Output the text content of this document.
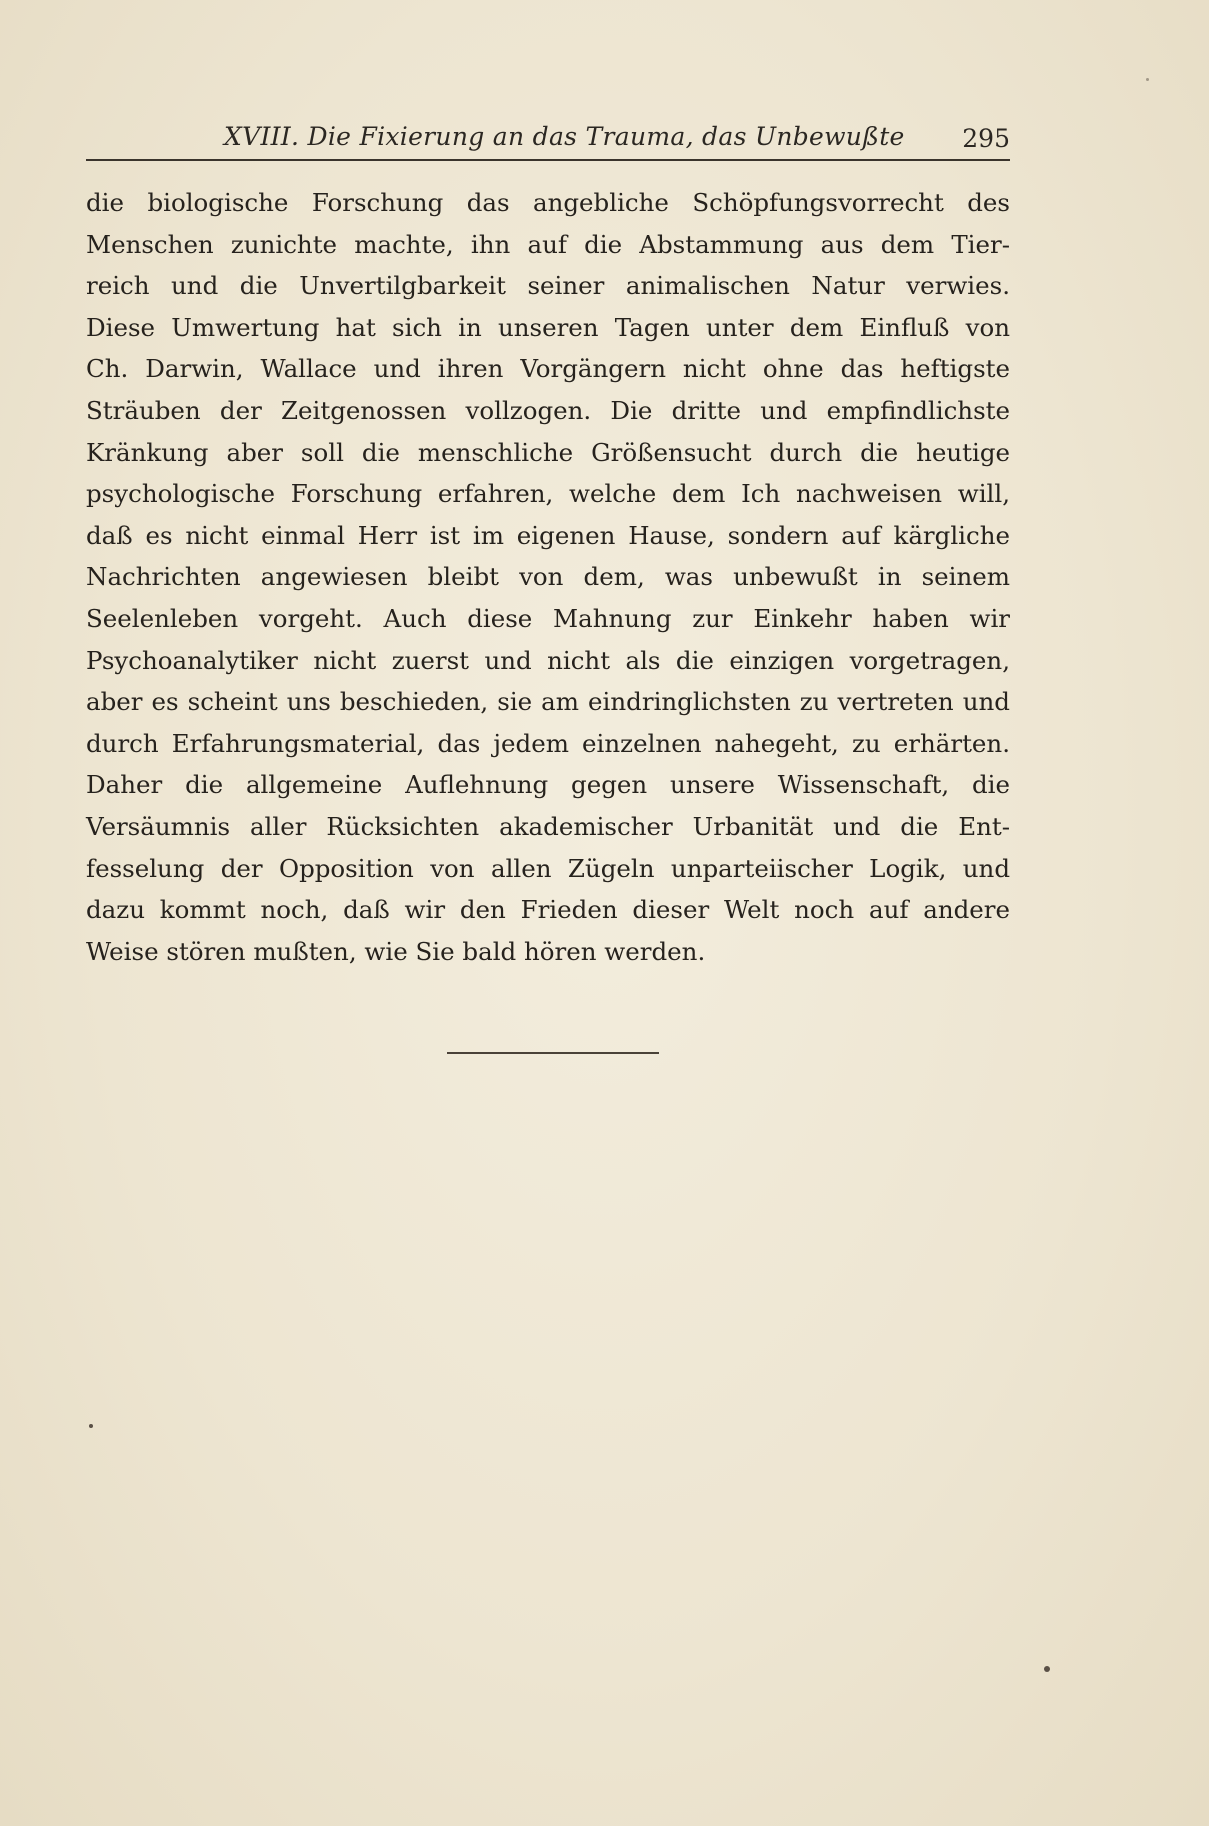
XVIII. Die Fixierung an das Trauma, das Unbewußte 295
die biologische Forschung das angebliche Schöpfungsvorrecht des
Menschen zunichte machte, ihn auf die Abstammung aus dem Tier-
reich und die Unvertilgbarkeit seiner animalischen Natur verwies.
Diese Umwertung hat sich in unseren Tagen unter dem Einfluß von
Ch. Darwin, Wallace und ihren Vorgängern nicht ohne das heftigste
Sträuben der Zeitgenossen vollzogen. Die dritte und empfindlichste
Kränkung aber soll die menschliche Größensucht durch die heutige
psychologische Forschung erfahren, welche dem Ich nachweisen will,
daß es nicht einmal Herr ist im eigenen Hause, sondern auf kärgliche
Nachrichten angewiesen bleibt von dem, was unbewußt in seinem
Seelenleben vorgeht. Auch diese Mahnung zur Einkehr haben wir
Psychoanalytiker nicht zuerst und nicht als die einzigen vorgetragen,
aber es scheint uns beschieden, sie am eindringlichsten zu vertreten und
durch Erfahrungsmaterial, das jedem einzelnen nahegeht, zu erhärten.
Daher die allgemeine Auflehnung gegen unsere Wissenschaft, die
Versäumnis aller Rücksichten akademischer Urbanität und die Ent-
fesselung der Opposition von allen Zügeln unparteiischer Logik, und
dazu kommt noch, daß wir den Frieden dieser Welt noch auf andere
Weise stören mußten, wie Sie bald hören werden.
